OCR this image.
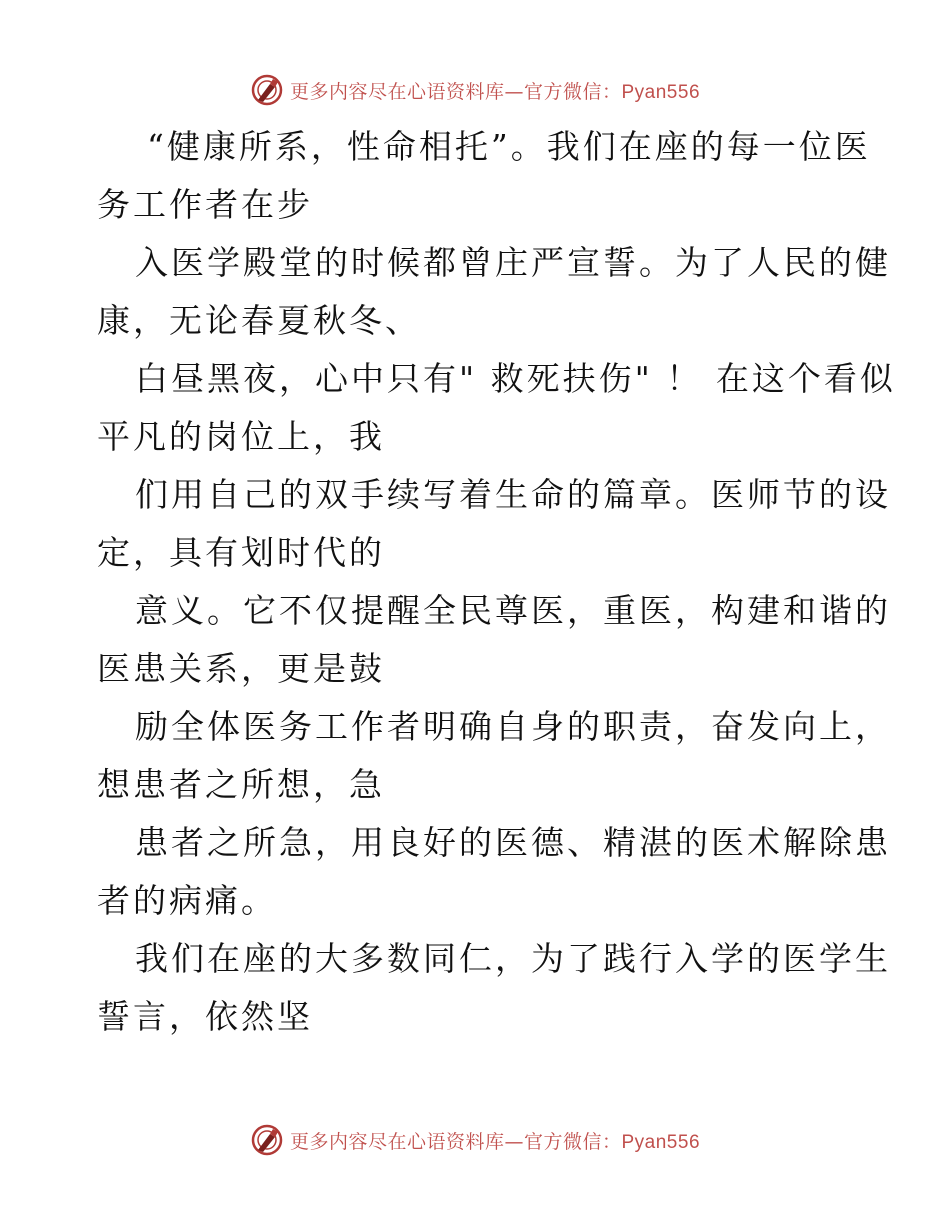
更多内容尽在心语资料库—官方微信：Pyan556

“健康所系，性命相托”。我们在座的每一位医
务工作者在步

入医学殿堂的时候都曾庄严宣誓。为了人民的健
康，无论春夏秋冬、

白昼黑夜，心中只有" 救死扶伤" ！ 在这个看似
平凡的岗位上，我

们用自己的双手续写着生命的篇章。医师节的设
定，具有划时代的

意义。它不仅提醒全民尊医，重医，构建和谐的
医患关系，更是鼓

励全体医务工作者明确自身的职责，奋发向上，
想患者之所想，急

患者之所急，用良好的医德、精湛的医术解除患
者的病痛。

我们在座的大多数同仁，为了践行入学的医学生
誓言，依然坚

更多内容尽在心语资料库—官方微信：Pyan556
